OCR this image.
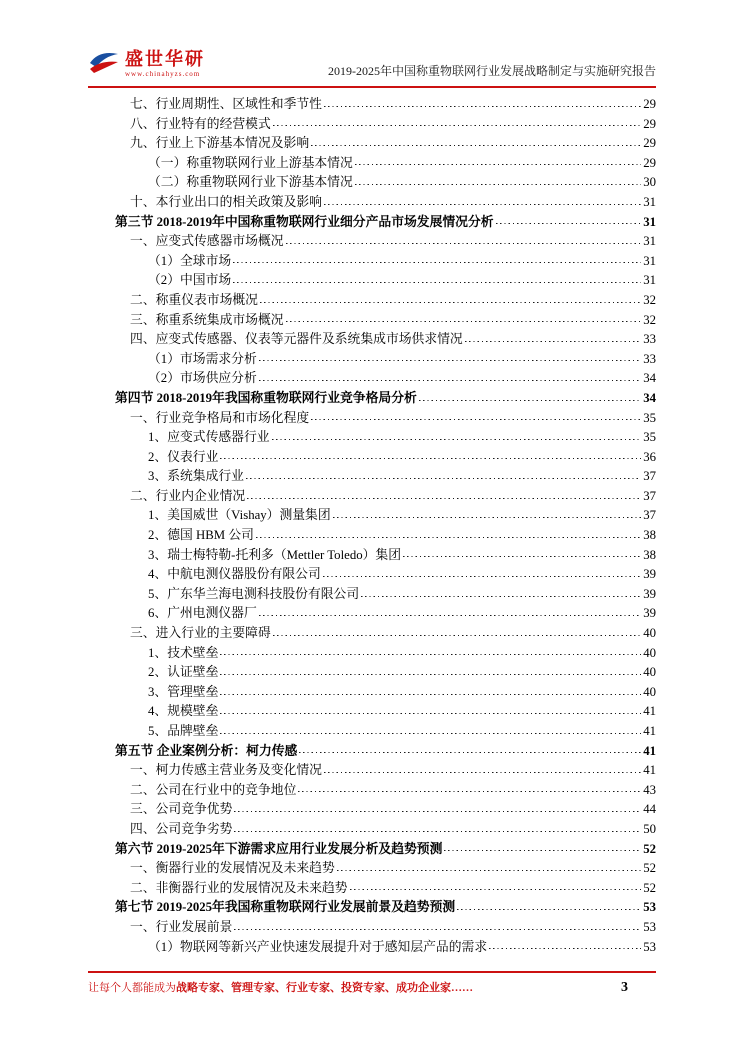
盛世华研
www.chinahyzs.com	2019-2025年中国称重物联网行业发展战略制定与实施研究报告
七、行业周期性、区域性和季节性	29
八、行业特有的经营模式	29
九、行业上下游基本情况及影响	29
（一）称重物联网行业上游基本情况	29
（二）称重物联网行业下游基本情况	30
十、本行业出口的相关政策及影响	31
第三节 2018-2019年中国称重物联网行业细分产品市场发展情况分析	31
一、应变式传感器市场概况	31
（1）全球市场	31
（2）中国市场	31
二、称重仪表市场概况	32
三、称重系统集成市场概况	32
四、应变式传感器、仪表等元器件及系统集成市场供求情况	33
（1）市场需求分析	33
（2）市场供应分析	34
第四节 2018-2019年我国称重物联网行业竞争格局分析	34
一、行业竞争格局和市场化程度	35
1、应变式传感器行业	35
2、仪表行业	36
3、系统集成行业	37
二、行业内企业情况	37
1、美国威世（Vishay）测量集团	37
2、德国 HBM 公司	38
3、瑞士梅特勒-托利多（Mettler Toledo）集团	38
4、中航电测仪器股份有限公司	39
5、广东华兰海电测科技股份有限公司	39
6、广州电测仪器厂	39
三、进入行业的主要障碍	40
1、技术壁垒	40
2、认证壁垒	40
3、管理壁垒	40
4、规模壁垒	41
5、品牌壁垒	41
第五节 企业案例分析：柯力传感	41
一、柯力传感主营业务及变化情况	41
二、公司在行业中的竞争地位	43
三、公司竞争优势	44
四、公司竞争劣势	50
第六节 2019-2025年下游需求应用行业发展分析及趋势预测	52
一、衡器行业的发展情况及未来趋势	52
二、非衡器行业的发展情况及未来趋势	52
第七节 2019-2025年我国称重物联网行业发展前景及趋势预测	53
一、行业发展前景	53
（1）物联网等新兴产业快速发展提升对于感知层产品的需求	53
让每个人都能成为战略专家、管理专家、行业专家、投资专家、成功企业家……	3
